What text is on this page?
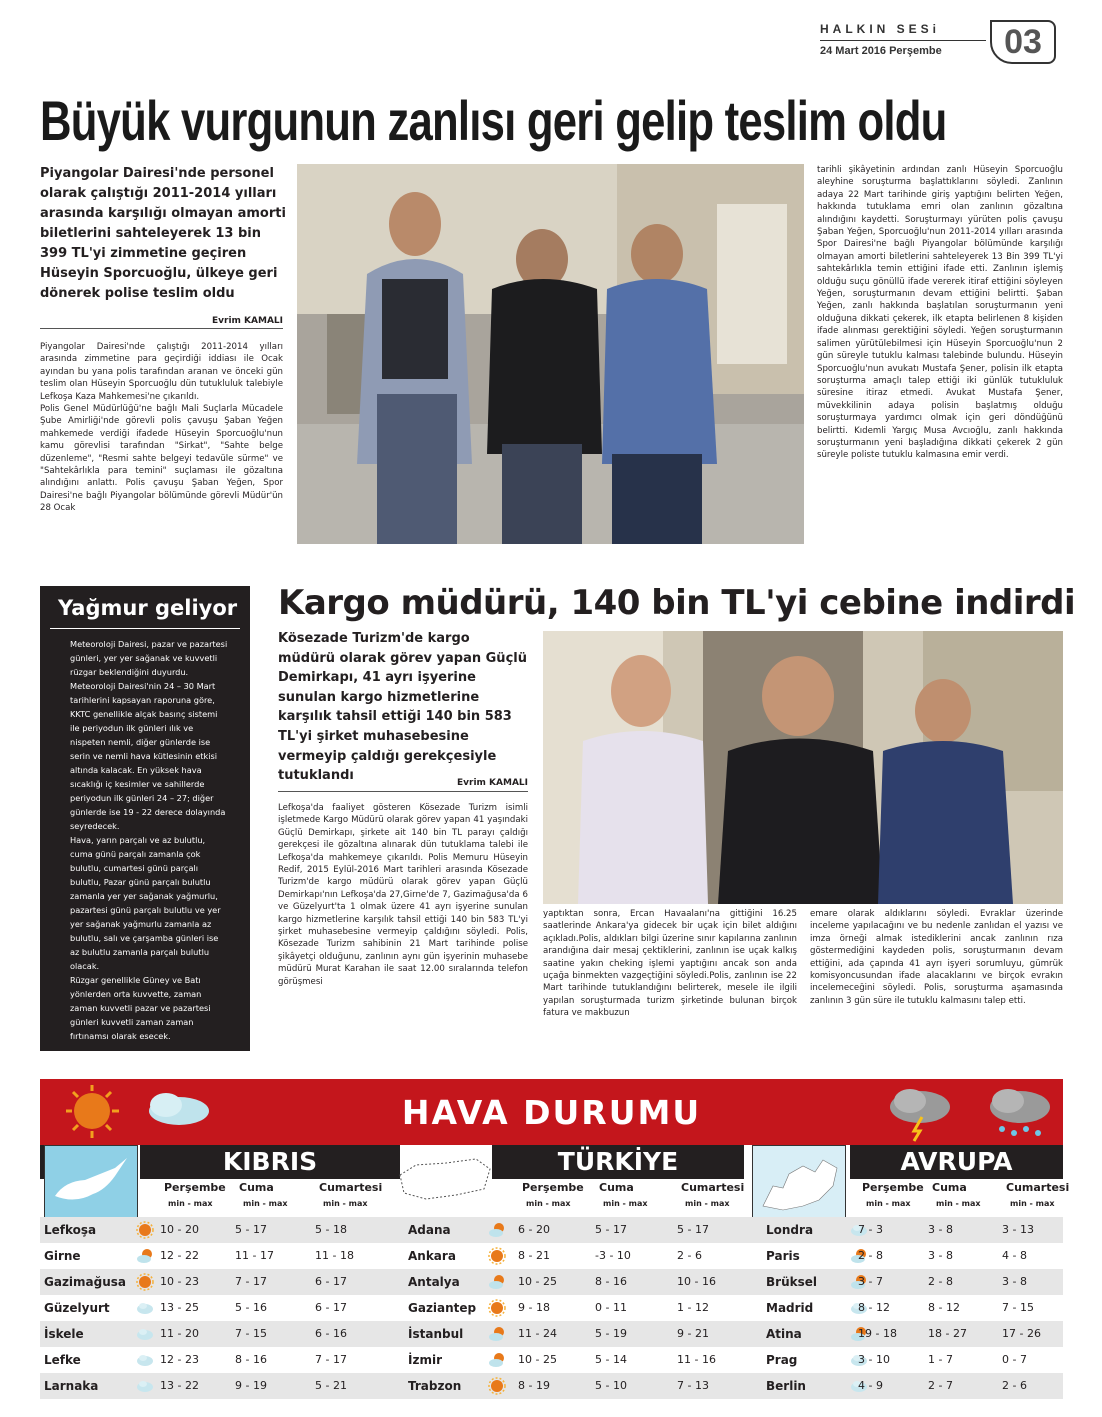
HALKIN SESi
24 Mart 2016 Perşembe	03
Büyük vurgunun zanlısı geri gelip teslim oldu
Piyangolar Dairesi'nde personel olarak çalıştığı 2011-2014 yılları arasında karşılığı olmayan amorti biletlerini sahteleyerek 13 bin 399 TL'yi zimmetine geçiren Hüseyin Sporcuoğlu, ülkeye geri dönerek polise teslim oldu
Evrim KAMALI
Piyangolar Dairesi'nde çalıştığı 2011-2014 yılları arasında zimmetine para geçirdiği iddiası ile Ocak ayından bu yana polis tarafından aranan ve önceki gün teslim olan Hüseyin Sporcuoğlu dün tutukluluk talebiyle Lefkoşa Kaza Mahkemesi'ne çıkarıldı.
Polis Genel Müdürlüğü'ne bağlı Mali Suçlarla Mücadele Şube Amirliği'nde görevli polis çavuşu Şaban Yeğen mahkemede verdiği ifadede Hüseyin Sporcuoğlu'nun kamu görevlisi tarafından "Sirkat", "Sahte belge düzenleme", "Resmi sahte belgeyi tedavüle sürme" ve "Sahtekârlıkla para temini" suçlaması ile gözaltına alındığını anlattı. Polis çavuşu Şaban Yeğen, Spor Dairesi'ne bağlı Piyangolar bölümünde görevli Müdür'ün 28 Ocak
tarihli şikâyetinin ardından zanlı Hüseyin Sporcuoğlu aleyhine soruşturma başlattıklarını söyledi. Zanlının adaya 22 Mart tarihinde giriş yaptığını belirten Yeğen, hakkında tutuklama emri olan zanlının gözaltına alındığını kaydetti. Soruşturmayı yürüten polis çavuşu Şaban Yeğen, Sporcuoğlu'nun 2011-2014 yılları arasında Spor Dairesi'ne bağlı Piyangolar bölümünde karşılığı olmayan amorti biletlerini sahteleyerek 13 Bin 399 TL'yi sahtekârlıkla temin ettiğini ifade etti. Zanlının işlemiş olduğu suçu gönüllü ifade vererek itiraf ettiğini söyleyen Yeğen, soruşturmanın devam ettiğini belirtti. Şaban Yeğen, zanlı hakkında başlatılan soruşturmanın yeni olduğuna dikkati çekerek, ilk etapta belirlenen 8 kişiden ifade alınması gerektiğini söyledi. Yeğen soruşturmanın salimen yürütülebilmesi için Hüseyin Sporcuoğlu'nun 2 gün süreyle tutuklu kalması talebinde bulundu. Hüseyin Sporcuoğlu'nun avukatı Mustafa Şener, polisin ilk etapta soruşturma amaçlı talep ettiği iki günlük tutukluluk süresine itiraz etmedi. Avukat Mustafa Şener, müvekkilinin adaya polisin başlatmış olduğu soruşturmaya yardımcı olmak için geri döndüğünü belirtti. Kıdemli Yargıç Musa Avcıoğlu, zanlı hakkında soruşturmanın yeni başladığına dikkati çekerek 2 gün süreyle poliste tutuklu kalmasına emir verdi.
Yağmur geliyor
Meteoroloji Dairesi, pazar ve pazartesi günleri, yer yer sağanak ve kuvvetli rüzgar beklendiğini duyurdu.
Meteoroloji Dairesi'nin 24 – 30 Mart tarihlerini kapsayan raporuna göre, KKTC genellikle alçak basınç sistemi ile periyodun ilk günleri ılık ve nispeten nemli, diğer günlerde ise serin ve nemli hava kütlesinin etkisi altında kalacak. En yüksek hava sıcaklığı iç kesimler ve sahillerde periyodun ilk günleri 24 – 27; diğer günlerde ise 19 - 22 derece dolayında seyredecek.
Hava, yarın parçalı ve az bulutlu, cuma günü parçalı zamanla çok bulutlu, cumartesi günü parçalı bulutlu, Pazar günü parçalı bulutlu zamanla yer yer sağanak yağmurlu, pazartesi günü parçalı bulutlu ve yer yer sağanak yağmurlu zamanla az bulutlu, salı ve çarşamba günleri ise az bulutlu zamanla parçalı bulutlu olacak.
Rüzgar genellikle Güney ve Batı yönlerden orta kuvvette, zaman zaman kuvvetli pazar ve pazartesi günleri kuvvetli zaman zaman fırtınamsı olarak esecek.
Kargo müdürü, 140 bin TL'yi cebine indirdi
Kösezade Turizm'de kargo müdürü olarak görev yapan Güçlü Demirkapı, 41 ayrı işyerine sunulan kargo hizmetlerine karşılık tahsil ettiği 140 bin 583 TL'yi şirket muhasebesine vermeyip çaldığı gerekçesiyle tutuklandı	Evrim KAMALI
Lefkoşa'da faaliyet gösteren Kösezade Turizm isimli işletmede Kargo Müdürü olarak görev yapan 41 yaşındaki Güçlü Demirkapı, şirkete ait 140 bin TL parayı çaldığı gerekçesi ile gözaltına alınarak dün tutuklama talebi ile Lefkoşa'da mahkemeye çıkarıldı. Polis Memuru Hüseyin Redif, 2015 Eylül-2016 Mart tarihleri arasında Kösezade Turizm'de kargo müdürü olarak görev yapan Güçlü Demirkapı'nın Lefkoşa'da 27,Girne'de 7, Gazimağusa'da 6 ve Güzelyurt'ta 1 olmak üzere 41 ayrı işyerine sunulan kargo hizmetlerine karşılık tahsil ettiği 140 bin 583 TL'yi şirket muhasebesine vermeyip çaldığını söyledi. Polis, Kösezade Turizm sahibinin 21 Mart tarihinde polise şikâyetçi olduğunu, zanlının aynı gün işyerinin muhasebe müdürü Murat Karahan ile saat 12.00 sıralarında telefon görüşmesi
yaptıktan sonra, Ercan Havaalanı'na gittiğini 16.25 saatlerinde Ankara'ya gidecek bir uçak için bilet aldığını açıkladı.Polis, aldıkları bilgi üzerine sınır kapılarına zanlının arandığına dair mesaj çektiklerini, zanlının ise uçak kalkış saatine yakın cheking işlemi yaptığını ancak son anda uçağa binmekten vazgeçtiğini söyledi.Polis, zanlının ise 22 Mart tarihinde tutuklandığını belirterek, mesele ile ilgili yapılan soruşturmada turizm şirketinde bulunan birçok fatura ve makbuzun
emare olarak aldıklarını söyledi. Evraklar üzerinde inceleme yapılacağını ve bu nedenle zanlıdan el yazısı ve imza örneği almak istediklerini ancak zanlının rıza göstermediğini kaydeden polis, soruşturmanın devam ettiğini, ada çapında 41 ayrı işyeri sorumluyu, gümrük komisyoncusundan ifade alacaklarını ve birçok evrakın incelemeceğini söyledi. Polis, soruşturma aşamasında zanlının 3 gün süre ile tutuklu kalmasını talep etti.
HAVA DURUMU
KIBRIS	TÜRKİYE	AVRUPA
Perşembe
min - max
Cuma
min - max
Cumartesi
min - max
Perşembe
min - max
Cuma
min - max
Cumartesi
min - max
Perşembe
min - max
Cuma
min - max
Cumartesi
min - max
Lefkoşa	10 - 20	5 - 17	5 - 18	Adana	6 - 20	5 - 17	5 - 17	Londra	7 - 3	3 - 8	3 - 13
Girne	12 - 22	11 - 17	11 - 18	Ankara	8 - 21	-3 - 10	2 - 6	Paris	2 - 8	3 - 8	4 - 8
Gazimağusa	10 - 23	7 - 17	6 - 17	Antalya	10 - 25	8 - 16	10 - 16	Brüksel	3 - 7	2 - 8	3 - 8
Güzelyurt	13 - 25	5 - 16	6 - 17	Gaziantep	9 - 18	0 - 11	1 - 12	Madrid	8 - 12	8 - 12	7 - 15
İskele	11 - 20	7 - 15	6 - 16	İstanbul	11 - 24	5 - 19	9 - 21	Atina	19 - 18	18 - 27	17 - 26
Lefke	12 - 23	8 - 16	7 - 17	İzmir	10 - 25	5 - 14	11 - 16	Prag	3 - 10	1 - 7	0 - 7
Larnaka	13 - 22	9 - 19	5 - 21	Trabzon	8 - 19	5 - 10	7 - 13	Berlin	4 - 9	2 - 7	2 - 6
